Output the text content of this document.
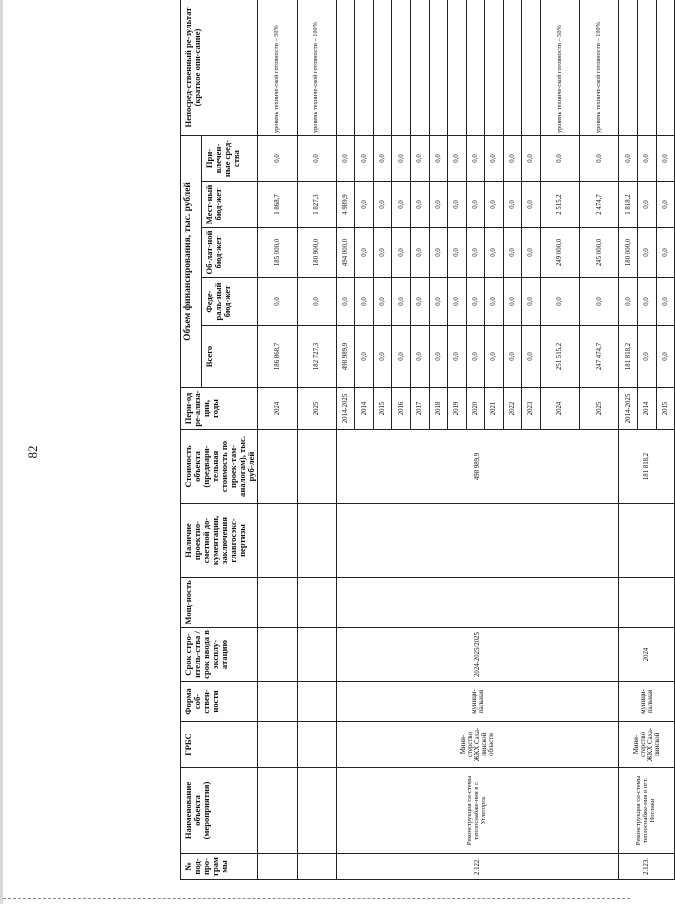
82
№ под-про-грам мы	Наименование объекта (мероприятия)	ГРБС	Форма соб-ствен-ности	Срок стро-итель-ства / срок ввода в эксплу-атацию	Мощ-ность	Наличие проектно-сметной до-кументации, заключения главгосэкс-пертизы	Стоимость объекта (предвари-тельная стоимость по проек-там-аналогам), тыс. руб-лей	Пери-од ре-ализа-ции, годы	Объем финансирования, тыс. рублей					Непосред-ственный ре-зультат (краткое опи-сание)
									Всего	Феде-раль-ный бюд-жет	Об-лат-ной бюд-жет	Мест-ный бюд-жет	При-влечен-ные сред-ства	
								2024	186 868,7	0,0	185 000,0	1 868,7	0,0	уровень техниче-ской готовности – 50%
								2025	182 727,3	0,0	180 900,0	1 827,3	0,0	уровень техниче-ской готовности – 100%
2.122.	Реконструкция си-стемы теплоснабже-ния в г. Углегорск	Мини-стерство ЖКХ Саха-линской области	муници-пальная	2024-2025/2025			498 989,9	2014-2025	498 989,9	0,0	494 000,0	4 989,9	0,0	
								2014	0,0	0,0	0,0	0,0	0,0	
								2015	0,0	0,0	0,0	0,0	0,0	
								2016	0,0	0,0	0,0	0,0	0,0	
								2017	0,0	0,0	0,0	0,0	0,0	
								2018	0,0	0,0	0,0	0,0	0,0	
								2019	0,0	0,0	0,0	0,0	0,0	
								2020	0,0	0,0	0,0	0,0	0,0	
								2021	0,0	0,0	0,0	0,0	0,0	
								2022	0,0	0,0	0,0	0,0	0,0	
								2023	0,0	0,0	0,0	0,0	0,0	
								2024	251 515,2	0,0	249 000,0	2 515,2	0,0	уровень техниче-ской готовности – 50%
								2025	247 474,7	0,0	245 000,0	2 474,7	0,0	уровень техниче-ской готовности – 100%
2.123.	Реконструкция си-стемы теплоснабже-ния в пгт. Ноглики	Мини-стерство ЖКХ Саха-линской	муници-пальная	2024			181 818,2	2014-2025	181 818,2	0,0	180 000,0	1 818,2	0,0	
								2014	0,0	0,0	0,0	0,0	0,0	
								2015	0,0	0,0	0,0	0,0	0,0	
